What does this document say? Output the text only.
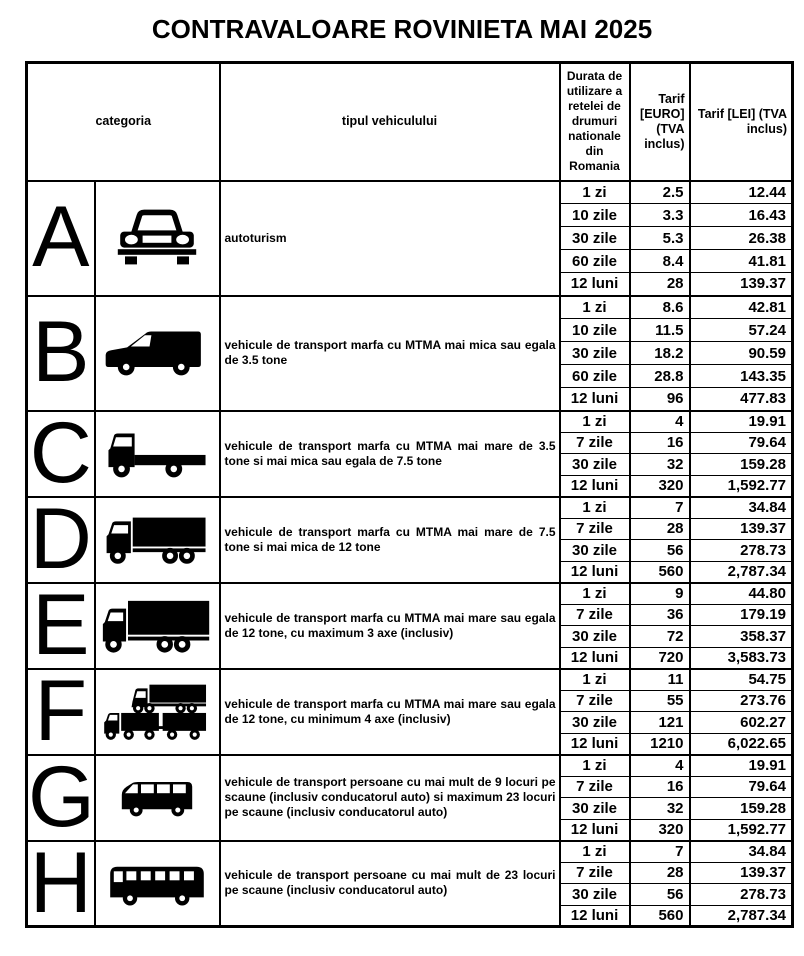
CONTRAVALOARE ROVINIETA MAI 2025
categoria		tipul vehiculului	Durata de utilizare a retelei de drumuri nationale din Romania	Tarif [EURO] (TVA inclus)	Tarif [LEI] (TVA inclus)
A		autoturism	1 zi	2.5	12.44
			10 zile	3.3	16.43
			30 zile	5.3	26.38
			60 zile	8.4	41.81
			12 luni	28	139.37
B		vehicule de transport marfa cu MTMA mai mica sau egala de 3.5 tone	1 zi	8.6	42.81
			10 zile	11.5	57.24
			30 zile	18.2	90.59
			60 zile	28.8	143.35
			12 luni	96	477.83
C		vehicule de transport marfa cu MTMA mai mare de 3.5 tone si mai mica sau egala de 7.5 tone	1 zi	4	19.91
			7 zile	16	79.64
			30 zile	32	159.28
			12 luni	320	1,592.77
D		vehicule de transport marfa cu MTMA mai mare de 7.5 tone si mai mica de 12 tone	1 zi	7	34.84
			7 zile	28	139.37
			30 zile	56	278.73
			12 luni	560	2,787.34
E		vehicule de transport marfa cu MTMA mai mare sau egala de 12 tone, cu maximum 3 axe (inclusiv)	1 zi	9	44.80
			7 zile	36	179.19
			30 zile	72	358.37
			12 luni	720	3,583.73
F		vehicule de transport marfa cu MTMA mai mare sau egala de 12 tone, cu minimum 4 axe (inclusiv)	1 zi	11	54.75
			7 zile	55	273.76
			30 zile	121	602.27
			12 luni	1210	6,022.65
G		vehicule de transport persoane cu mai mult de 9 locuri pe scaune (inclusiv conducatorul auto) si maximum 23 locuri pe scaune (inclusiv conducatorul auto)	1 zi	4	19.91
			7 zile	16	79.64
			30 zile	32	159.28
			12 luni	320	1,592.77
H		vehicule de transport persoane cu mai mult de 23 locuri pe scaune (inclusiv conducatorul auto)	1 zi	7	34.84
			7 zile	28	139.37
			30 zile	56	278.73
			12 luni	560	2,787.34
